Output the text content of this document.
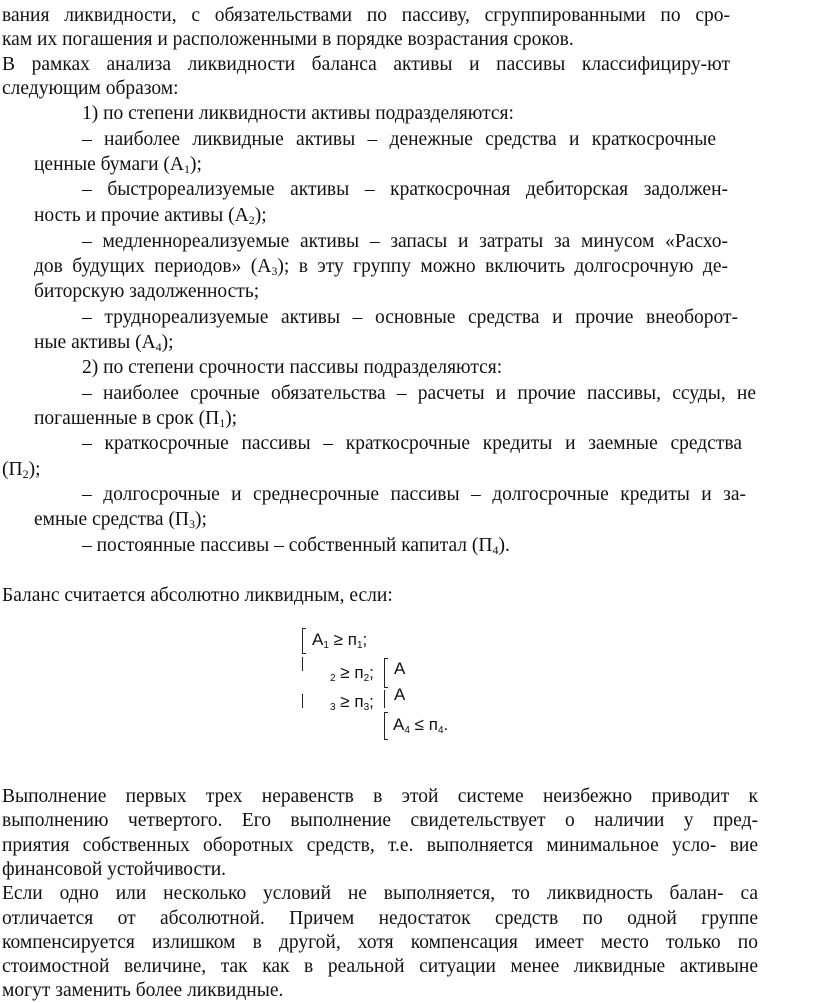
вания ликвидности, с обязательствами по пассиву, сгруппированными по сро-
кам их погашения и расположенными в порядке возрастания сроков.
В рамках анализа ликвидности баланса активы и пассивы классифициру-ют
следующим образом:
1) по степени ликвидности активы подразделяются:
– наиболее ликвидные активы – денежные средства и краткосрочные
ценные бумаги $(А_1)$;
– быстрореализуемые активы – краткосрочная дебиторская задолжен-
ность и прочие активы $(А_2)$;
– медленнореализуемые активы – запасы и затраты за минусом «Расхо-
дов будущих периодов» $(А_3)$; в эту группу можно включить долгосрочную де-
биторскую задолженность;
– труднореализуемые активы – основные средства и прочие внеоборот-
ные активы $(А_4)$;
2) по степени срочности пассивы подразделяются:
– наиболее срочные обязательства – расчеты и прочие пассивы, ссуды, не
погашенные в срок $(П_1)$;
– краткосрочные пассивы – краткосрочные кредиты и заемные средства
$(П_2)$;
– долгосрочные и среднесрочные пассивы – долгосрочные кредиты и за-
емные средства $(П_3)$;
– постоянные пассивы – собственный капитал $(П_4)$.
Баланс считается абсолютно ликвидным, если:
$А_1 \ge п_1$;
$_2 \ge п_2$;
$_3 \ge п_3$;
А
А
$А_4 \le п_4$.
Выполнение первых трех неравенств в этой системе неизбежно приводит к
выполнению четвертого. Его выполнение свидетельствует о наличии у пред-
приятия собственных оборотных средств, т.е. выполняется минимальное усло- вие
финансовой устойчивости.
Если одно или несколько условий не выполняется, то ликвидность балан- са
отличается от абсолютной. Причем недостаток средств по одной группе
компенсируется излишком в другой, хотя компенсация имеет место только по
стоимостной величине, так как в реальной ситуации менее ликвидные активыне
могут заменить более ликвидные.
